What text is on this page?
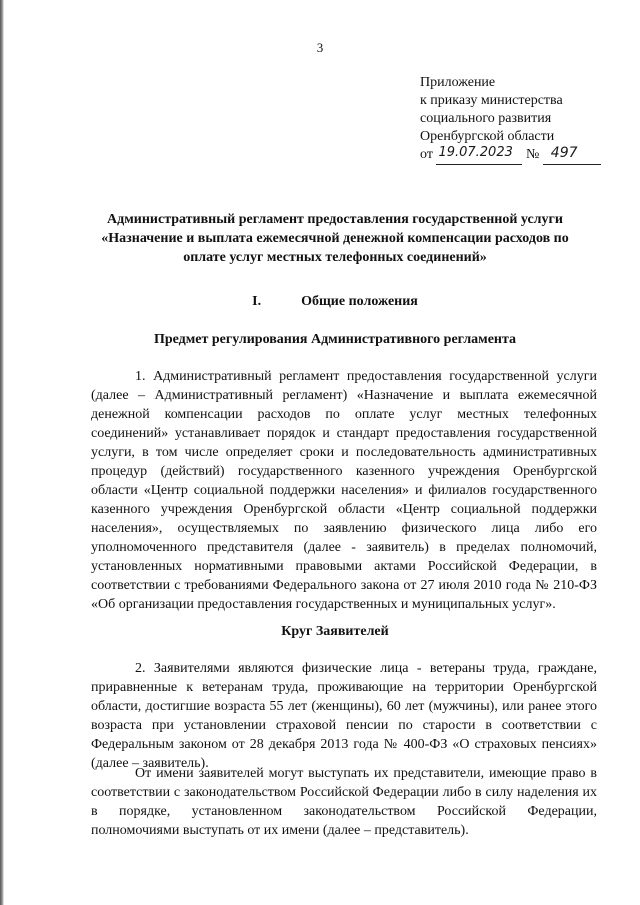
3
Приложение
к приказу министерства
социального развития
Оренбургской области
от 19.07.2023 № 497

Административный регламент предоставления государственной услуги «Назначение и выплата ежемесячной денежной компенсации расходов по оплате услуг местных телефонных соединений»
I.	Общие положения
Предмет регулирования Административного регламента

1. Административный регламент предоставления государственной услуги (далее – Административный регламент) «Назначение и выплата ежемесячной денежной компенсации расходов по оплате услуг местных телефонных соединений» устанавливает порядок и стандарт предоставления государственной услуги, в том числе определяет сроки и последовательность административных процедур (действий) государственного казенного учреждения Оренбургской области «Центр социальной поддержки населения» и филиалов государственного казенного учреждения Оренбургской области «Центр социальной поддержки населения», осуществляемых по заявлению физического лица либо его уполномоченного представителя (далее - заявитель) в пределах полномочий, установленных нормативными правовыми актами Российской Федерации, в соответствии с требованиями Федерального закона от 27 июля 2010 года № 210-ФЗ «Об организации предоставления государственных и муниципальных услуг».

Круг Заявителей

2. Заявителями являются физические лица - ветераны труда, граждане, приравненные к ветеранам труда, проживающие на территории Оренбургской области, достигшие возраста 55 лет (женщины), 60 лет (мужчины), или ранее этого возраста при установлении страховой пенсии по старости в соответствии с Федеральным законом от 28 декабря 2013 года № 400-ФЗ «О страховых пенсиях» (далее – заявитель).

От имени заявителей могут выступать их представители, имеющие право в соответствии с законодательством Российской Федерации либо в силу наделения их в порядке, установленном законодательством Российской Федерации, полномочиями выступать от их имени (далее – представитель).
